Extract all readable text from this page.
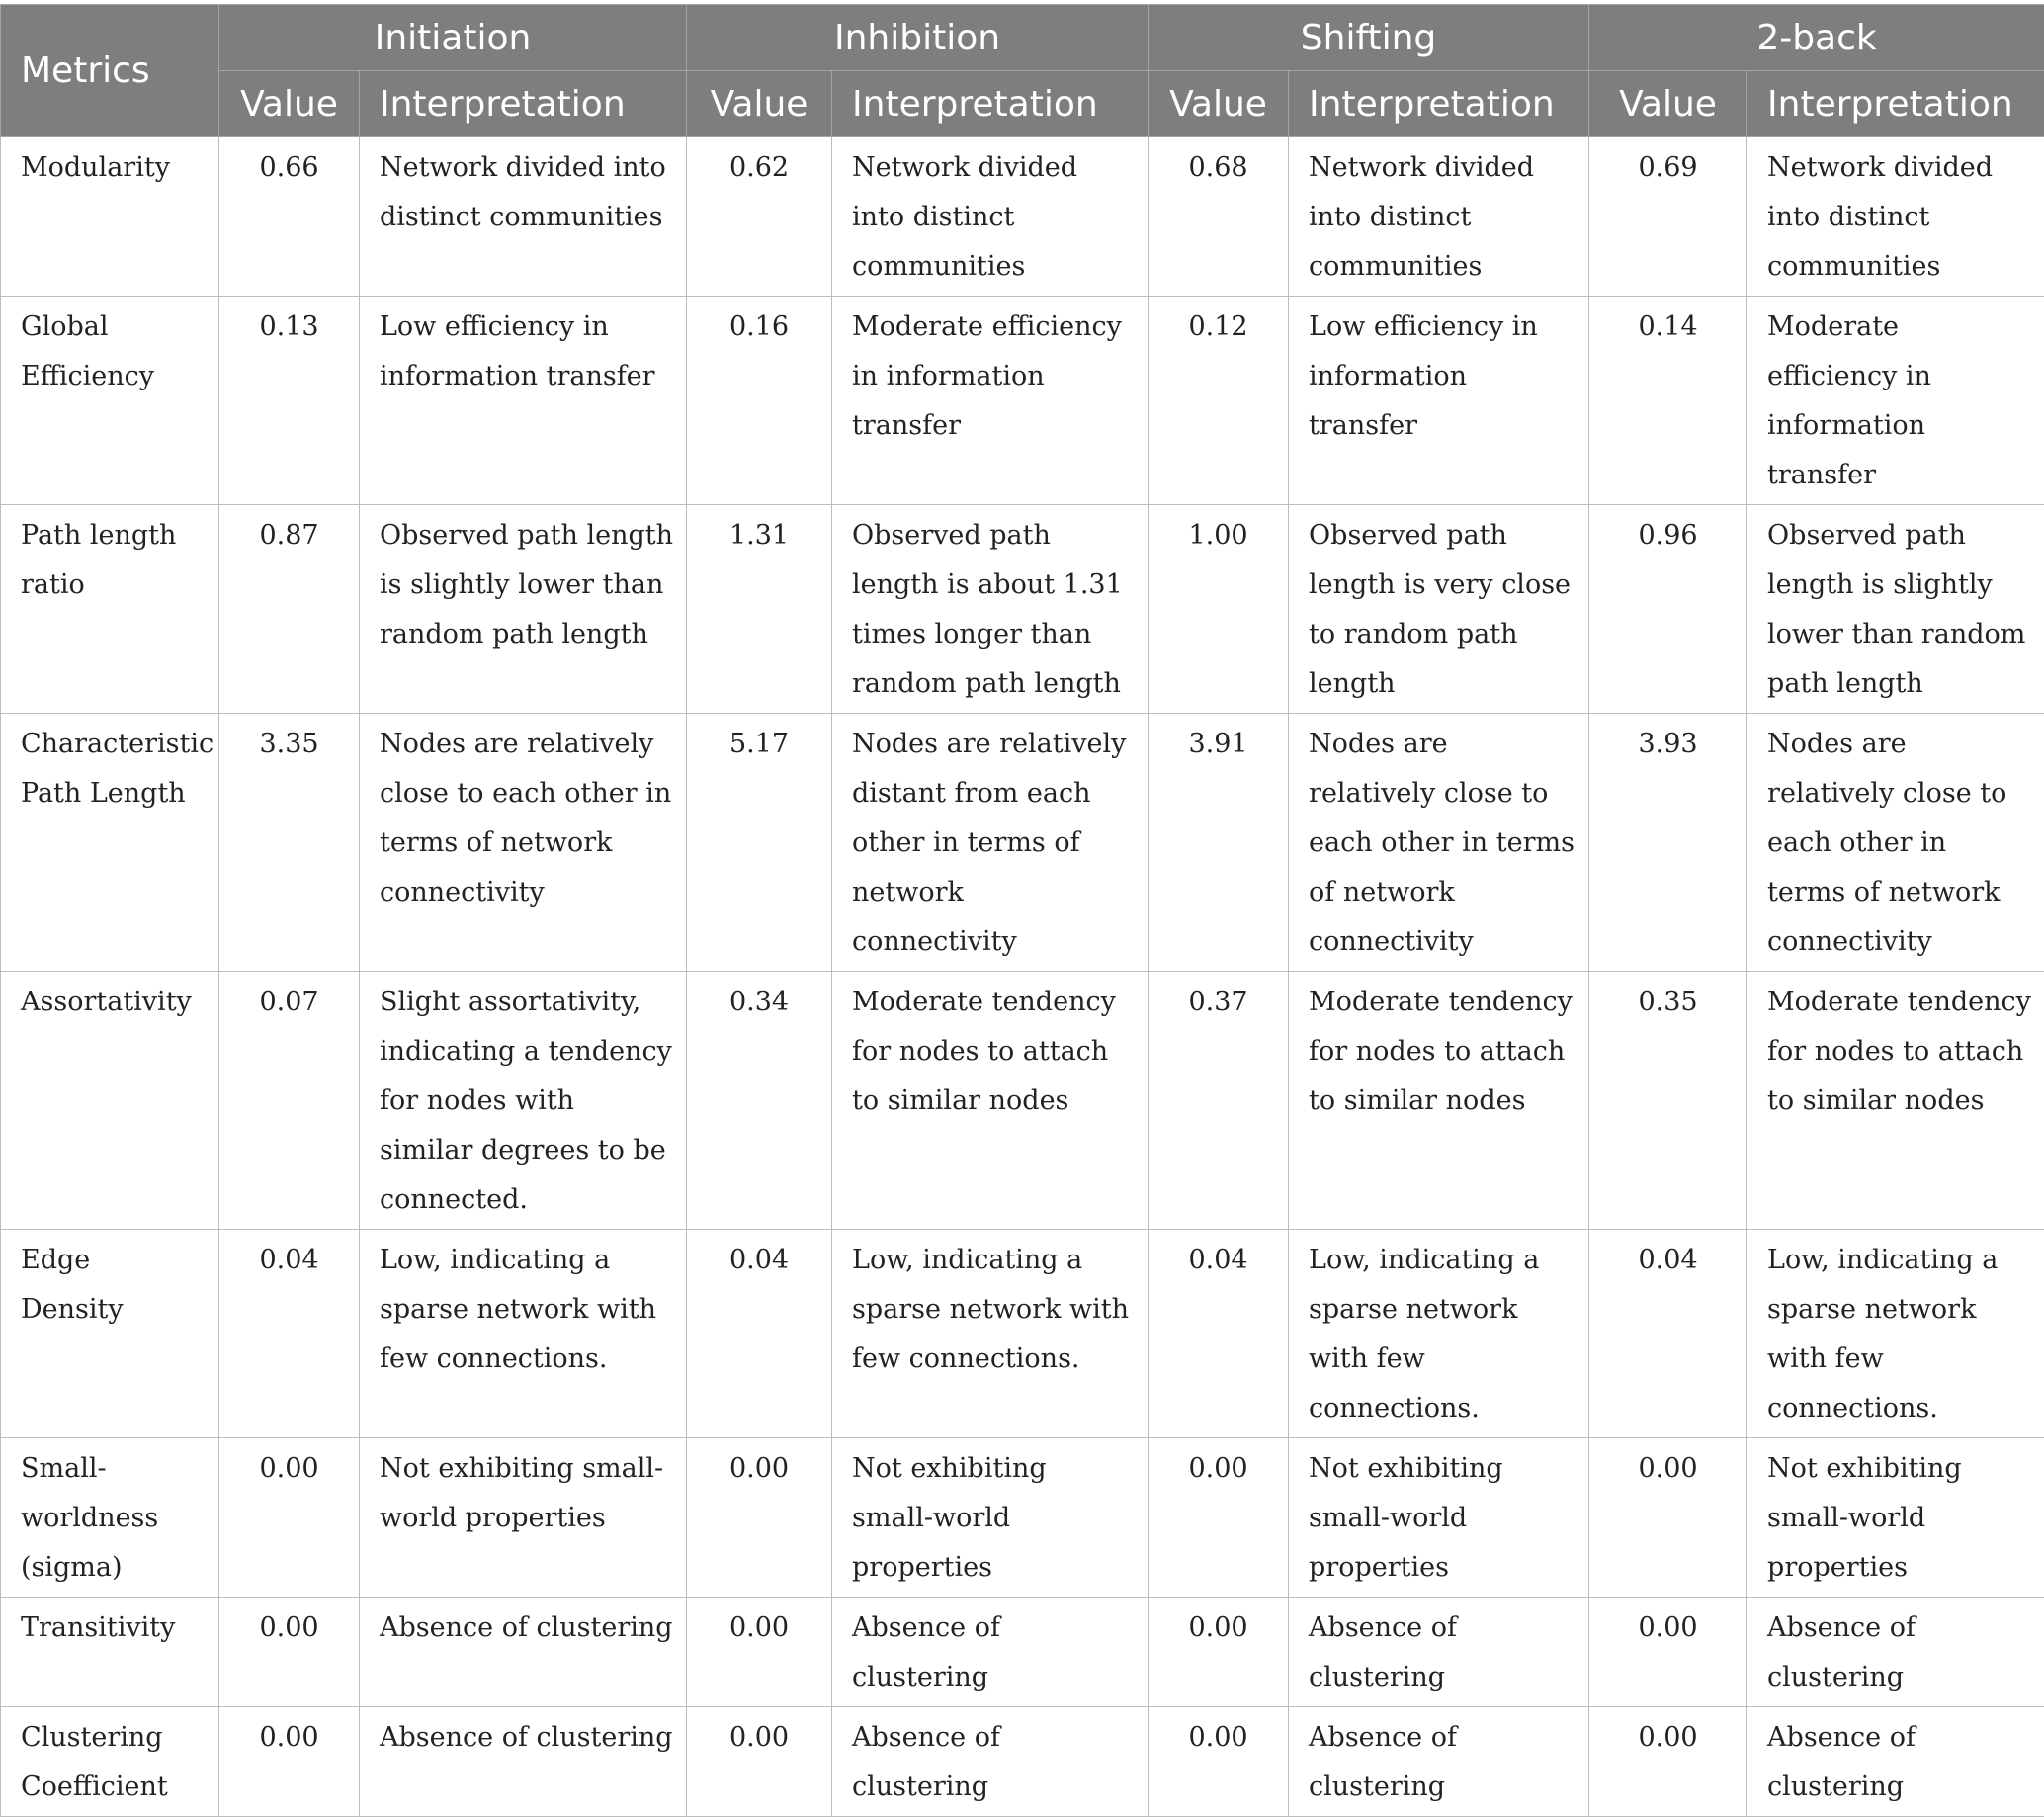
Metrics	Initiation		Inhibition		Shifting		2-back	
	Value	Interpretation	Value	Interpretation	Value	Interpretation	Value	Interpretation
Modularity	0.66	Network divided into distinct communities	0.62	Network divided into distinct communities	0.68	Network divided into distinct communities	0.69	Network divided into distinct communities
Global Efficiency	0.13	Low efficiency in information transfer	0.16	Moderate efficiency in information transfer	0.12	Low efficiency in information transfer	0.14	Moderate efficiency in information transfer
Path length ratio	0.87	Observed path length is slightly lower than random path length	1.31	Observed path length is about 1.31 times longer than random path length	1.00	Observed path length is very close to random path length	0.96	Observed path length is slightly lower than random path length
Characteristic Path Length	3.35	Nodes are relatively close to each other in terms of network connectivity	5.17	Nodes are relatively distant from each other in terms of network connectivity	3.91	Nodes are relatively close to each other in terms of network connectivity	3.93	Nodes are relatively close to each other in terms of network connectivity
Assortativity	0.07	Slight assortativity, indicating a tendency for nodes with similar degrees to be connected.	0.34	Moderate tendency for nodes to attach to similar nodes	0.37	Moderate tendency for nodes to attach to similar nodes	0.35	Moderate tendency for nodes to attach to similar nodes
Edge Density	0.04	Low, indicating a sparse network with few connections.	0.04	Low, indicating a sparse network with few connections.	0.04	Low, indicating a sparse network with few connections.	0.04	Low, indicating a sparse network with few connections.
Small-worldness (sigma)	0.00	Not exhibiting small-world properties	0.00	Not exhibiting small-world properties	0.00	Not exhibiting small-world properties	0.00	Not exhibiting small-world properties
Transitivity	0.00	Absence of clustering	0.00	Absence of clustering	0.00	Absence of clustering	0.00	Absence of clustering
Clustering Coefficient	0.00	Absence of clustering	0.00	Absence of clustering	0.00	Absence of clustering	0.00	Absence of clustering
